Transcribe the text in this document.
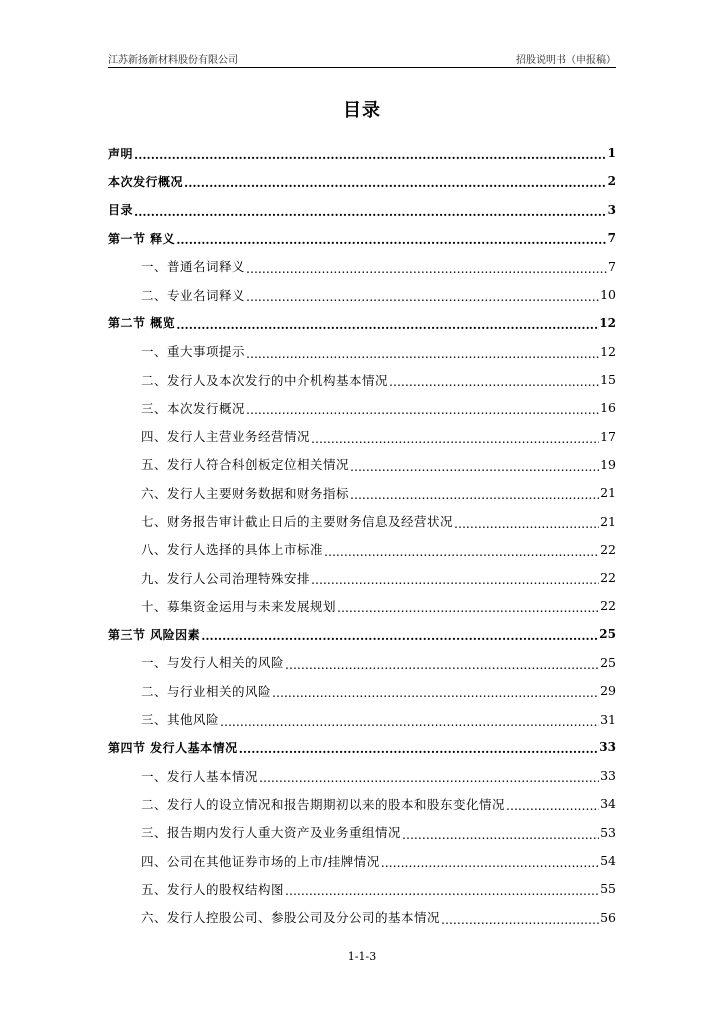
江苏新扬新材料股份有限公司	招股说明书（申报稿）
目录
声明 .....	1
本次发行概况 .....	2
目录 .....	3
第一节 释义 .....	7
一、普通名词释义 .....	7
二、专业名词释义 .....	10
第二节 概览 .....	12
一、重大事项提示 .....	12
二、发行人及本次发行的中介机构基本情况 .....	15
三、本次发行概况 .....	16
四、发行人主营业务经营情况 .....	17
五、发行人符合科创板定位相关情况 .....	19
六、发行人主要财务数据和财务指标 .....	21
七、财务报告审计截止日后的主要财务信息及经营状况 .....	21
八、发行人选择的具体上市标准 .....	22
九、发行人公司治理特殊安排 .....	22
十、募集资金运用与未来发展规划 .....	22
第三节 风险因素 .....	25
一、与发行人相关的风险 .....	25
二、与行业相关的风险 .....	29
三、其他风险 .....	31
第四节 发行人基本情况 .....	33
一、发行人基本情况 .....	33
二、发行人的设立情况和报告期期初以来的股本和股东变化情况 .....	34
三、报告期内发行人重大资产及业务重组情况 .....	53
四、公司在其他证券市场的上市/挂牌情况 .....	54
五、发行人的股权结构图 .....	55
六、发行人控股公司、参股公司及分公司的基本情况 .....	56
1-1-3
